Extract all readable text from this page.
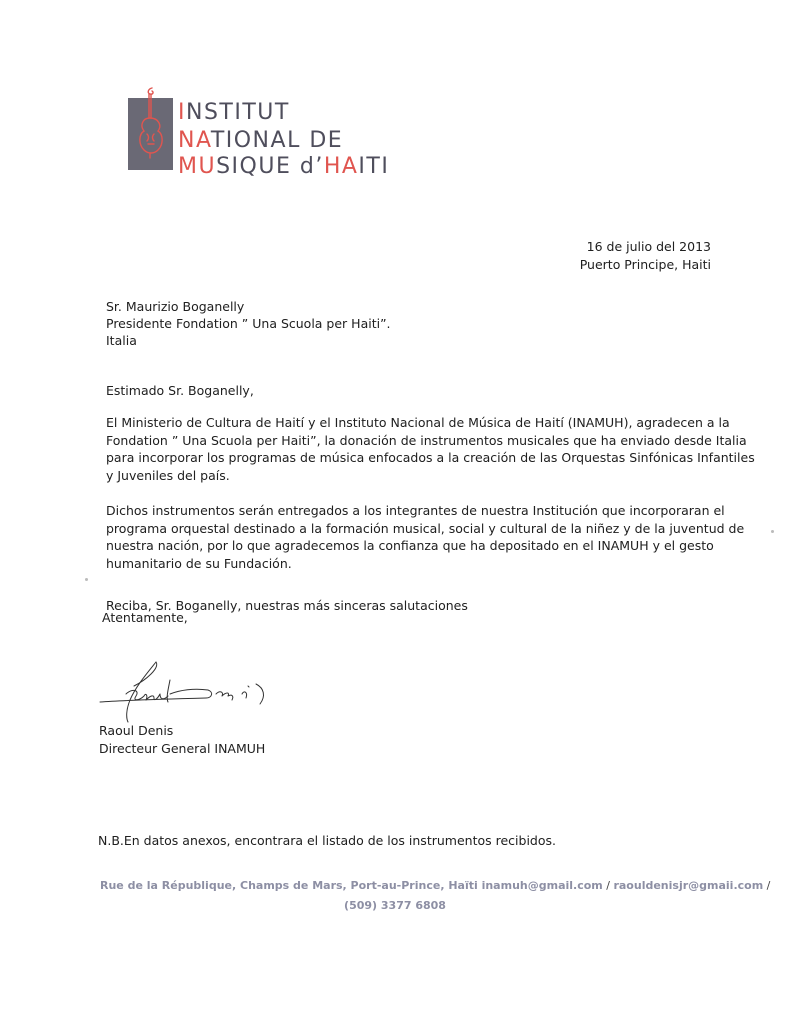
INSTITUT
NATIONAL DE
MUSIQUE d’HAITI
16 de julio del 2013
Puerto Principe, Haiti
Sr. Maurizio Boganelly
Presidente Fondation ” Una Scuola per Haiti”.
Italia
Estimado Sr. Boganelly,
El Ministerio de Cultura de Haití y el Instituto Nacional de Música de Haití (INAMUH), agradecen a la
Fondation ” Una Scuola per Haiti”, la donación de instrumentos musicales que ha enviado desde Italia
para incorporar los programas de música enfocados a la creación de las Orquestas Sinfónicas Infantiles
y Juveniles del país.
Dichos instrumentos serán entregados a los integrantes de nuestra Institución que incorporaran el
programa orquestal destinado a la formación musical, social y cultural de la niñez y de la juventud de
nuestra nación, por lo que agradecemos la confianza que ha depositado en el INAMUH y el gesto
humanitario de su Fundación.
Reciba, Sr. Boganelly, nuestras más sinceras salutaciones
Atentamente,
Raoul Denis
Directeur General INAMUH
N.B.En datos anexos, encontrara el listado de los instrumentos recibidos.
Rue de la République, Champs de Mars, Port-au-Prince, Haïti inamuh@gmail.com / raouldenisjr@gmaii.com /
(509) 3377 6808
